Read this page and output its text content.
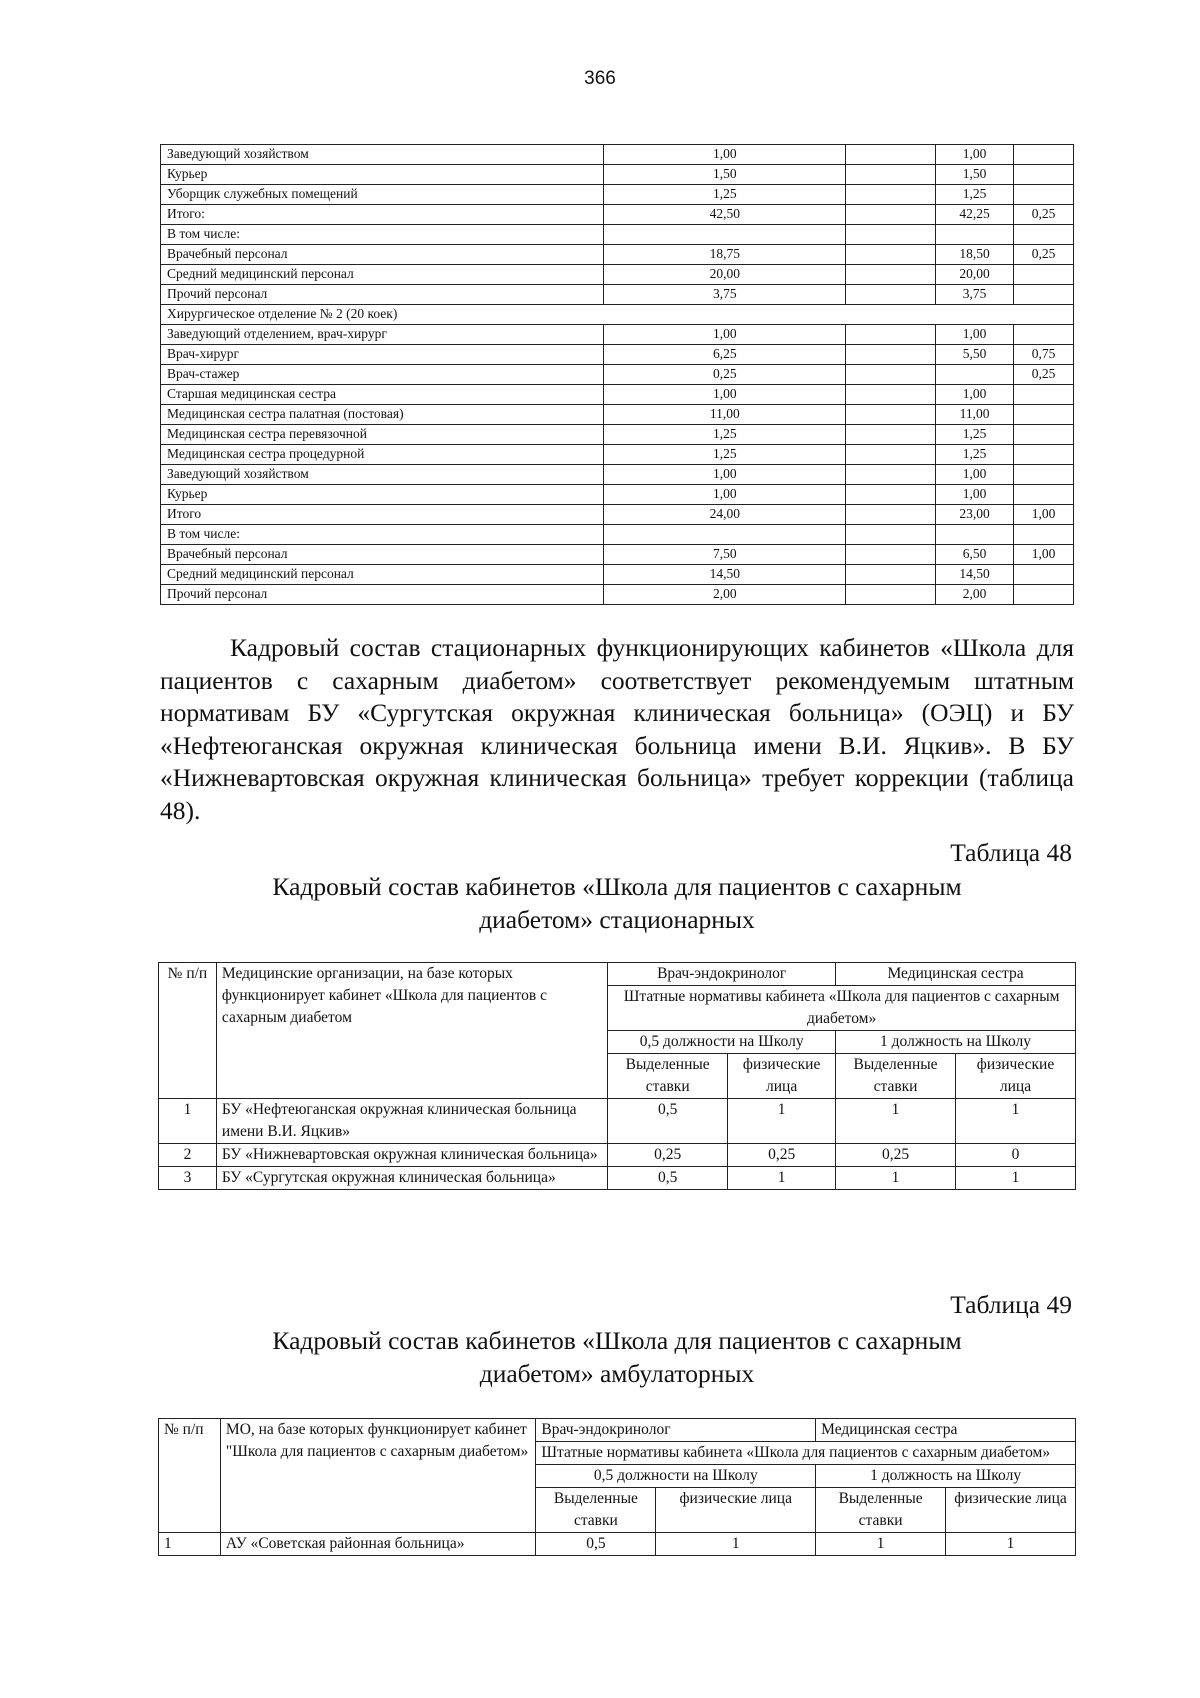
366
Заведующий хозяйством	1,00		1,00	
Курьер	1,50		1,50	
Уборщик служебных помещений	1,25		1,25	
Итого:	42,50		42,25	0,25
В том числе:				
Врачебный персонал	18,75		18,50	0,25
Средний медицинский персонал	20,00		20,00	
Прочий персонал	3,75		3,75	
Хирургическое отделение № 2 (20 коек)				
Заведующий отделением, врач-хирург	1,00		1,00	
Врач-хирург	6,25		5,50	0,75
Врач-стажер	0,25			0,25
Старшая медицинская сестра	1,00		1,00	
Медицинская сестра палатная (постовая)	11,00		11,00	
Медицинская сестра перевязочной	1,25		1,25	
Медицинская сестра процедурной	1,25		1,25	
Заведующий хозяйством	1,00		1,00	
Курьер	1,00		1,00	
Итого	24,00		23,00	1,00
В том числе:				
Врачебный персонал	7,50		6,50	1,00
Средний медицинский персонал	14,50		14,50	
Прочий персонал	2,00		2,00	

Кадровый состав стационарных функционирующих кабинетов «Школа для пациентов с сахарным диабетом» соответствует рекомендуемым штатным нормативам БУ «Сургутская окружная клиническая больница» (ОЭЦ) и БУ «Нефтеюганская окружная клиническая больница имени В.И. Яцкив». В БУ «Нижневартовская окружная клиническая больница» требует коррекции (таблица 48).

Таблица 48

Кадровый состав кабинетов «Школа для пациентов с сахарным
диабетом» стационарных

№ п/п	Медицинские организации, на базе которых функционирует кабинет «Школа для пациентов с сахарным диабетом	Врач-эндокринолог		Медицинская сестра	
		Штатные нормативы кабинета «Школа для пациентов с сахарным диабетом»			
		0,5 должности на Школу		1 должность на Школу	
		Выделенные ставки	физические лица	Выделенные ставки	физические лица
1	БУ «Нефтеюганская окружная клиническая больница имени В.И. Яцкив»	0,5	1	1	1
2	БУ «Нижневартовская окружная клиническая больница»	0,25	0,25	0,25	0
3	БУ «Сургутская окружная клиническая больница»	0,5	1	1	1
Таблица 49

Кадровый состав кабинетов «Школа для пациентов с сахарным
диабетом» амбулаторных

№ п/п	МО, на базе которых функционирует кабинет "Школа для пациентов с сахарным диабетом»	Врач-эндокринолог		Медицинская сестра	
		Штатные нормативы кабинета «Школа для пациентов с сахарным диабетом»			
		0,5 должности на Школу		1 должность на Школу	
		Выделенные ставки	физические лица	Выделенные ставки	физические лица
1	АУ «Советская районная больница»	0,5	1	1	1
